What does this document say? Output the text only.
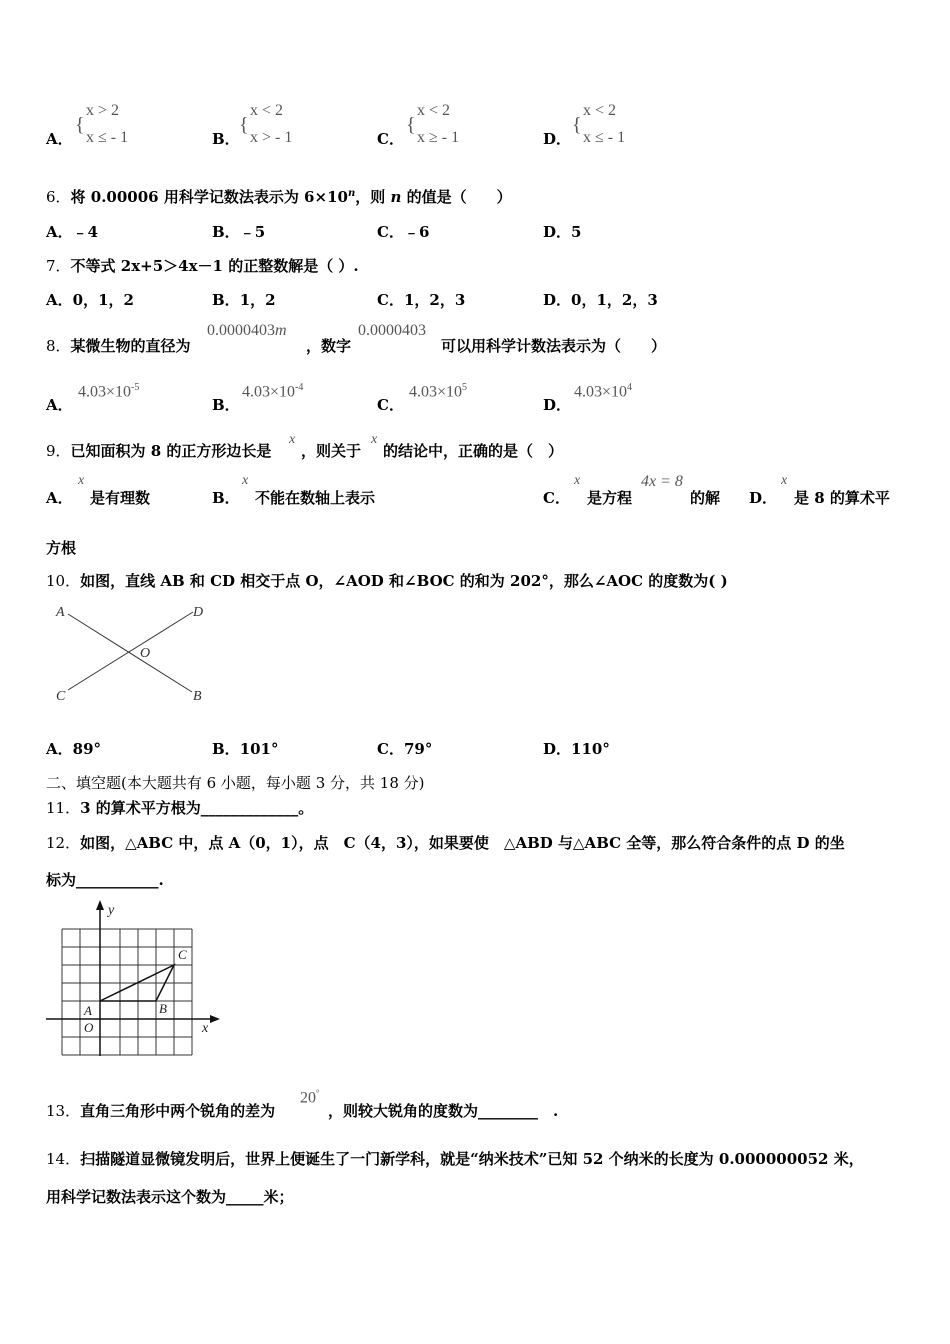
A．
{
x > 2
x ≤ - 1	B．
{
x < 2
x > - 1	C．
{
x < 2
x ≥ - 1	D．
{
x < 2
x ≤ - 1
6．将 0.00006 用科学记数法表示为 $6\times 10^n$，则 n 的值是（　　）
A．﹣4	B．﹣5	C．﹣6	D．5
7．不等式 2x+5＞4x－1 的正整数解是（ ）.
A．0，1，2	B．1，2	C．1，2，3	D．0，1，2，3
8．某微生物的直径为
0.0000403m
，数字
0.0000403
可以用科学计数法表示为（　　）
A．
$4.03\times 10^{-5}$
B．
$4.03\times 10^{-4}$
C．
$4.03\times 10^5$
D．
$4.03\times 10^4$
9．已知面积为 8 的正方形边长是
x
，则关于
x
的结论中，正确的是（　）
A．
x
是有理数	B．
x
不能在数轴上表示	C．
x
是方程
4x = 8
的解 D．
x
是 8 的算术平
方根
10．如图，直线 AB 和 CD 相交于点 O，∠AOD 和∠BOC 的和为 202°，那么∠AOC 的度数为( )
A	D
O
C	B
A．89°	B．101°	C．79°	D．110°
二、填空题(本大题共有 6 小题，每小题 3 分，共 18 分)
11．3 的算术平方根为_____________。
12．如图，△ABC 中，点 A（0，1），点　C（4，3），如果要使　△ABD 与△ABC 全等，那么符合条件的点 D 的坐
标为___________.
y
x
A
O
B
C
13．直角三角形中两个锐角的差为
20°
，则较大锐角的度数为________　.
14．扫描隧道显微镜发明后，世界上便诞生了一门新学科，就是“纳米技术”已知 52 个纳米的长度为 0.000000052 米，
用科学记数法表示这个数为_____米；
